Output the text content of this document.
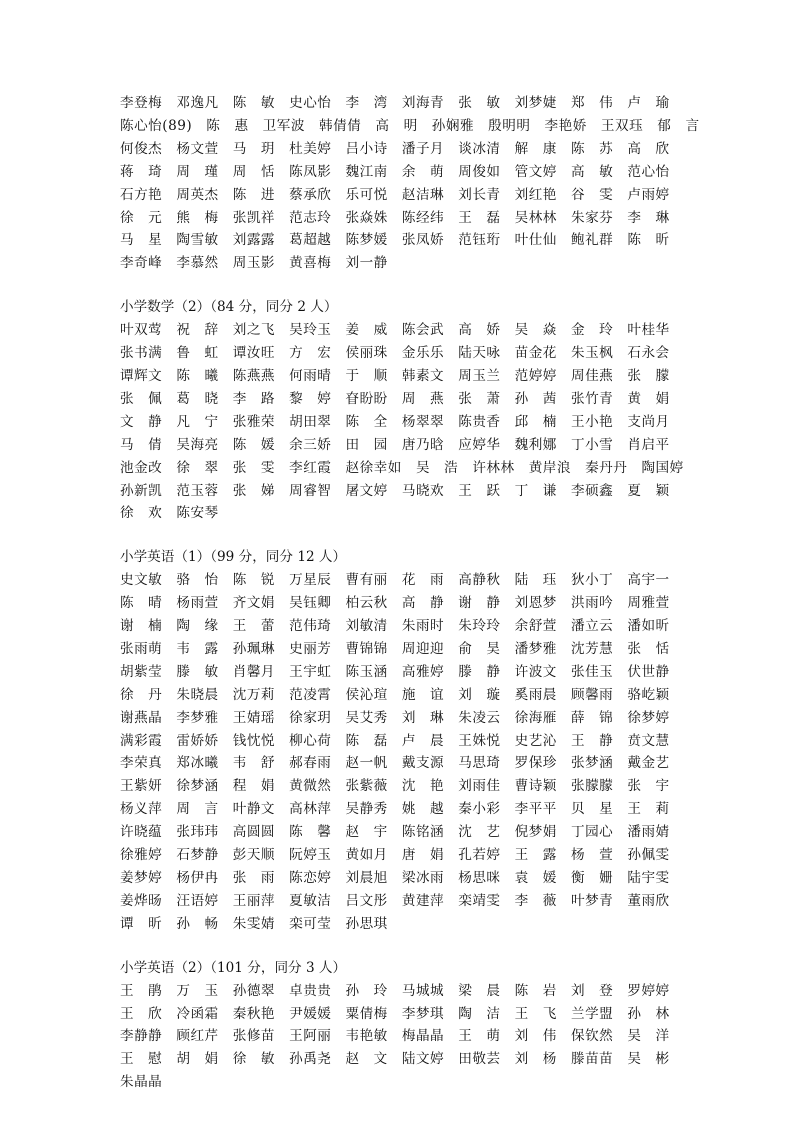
李登梅　邓逸凡　陈　敏　史心怡　李　湾　刘海青　张　敏　刘梦婕　郑　伟　卢　瑜
陈心怡(89)　陈　惠　卫军波　韩倩倩　高　明　孙娴雅　殷明明　李艳娇　王双珏　郁　言
何俊杰　杨文萱　马　玥　杜美婷　吕小诗　潘子月　谈冰清　解　康　陈　苏　高　欣
蒋　琦　周　瑾　周　恬　陈凤影　魏江南　余　萌　周俊如　管文婷　高　敏　范心怡
石方艳　周英杰　陈　进　蔡承欣　乐可悦　赵洁琳　刘长青　刘红艳　谷　雯　卢雨婷
徐　元　熊　梅　张凯祥　范志玲　张焱姝　陈经纬　王　磊　吴林林　朱家芬　李　琳
马　星　陶雪敏　刘露露　葛超越　陈梦媛　张凤娇　范钰珩　叶仕仙　鲍礼群　陈　昕
李奇峰　李慕然　周玉影　黄喜梅　刘一静
小学数学（2）（84 分，同分 2 人）
叶双莺　祝　辞　刘之飞　吴玲玉　姜　威　陈会武　高　娇　吴　焱　金　玲　叶桂华
张书满　鲁　虹　谭汝旺　方　宏　侯丽珠　金乐乐　陆天咏　苗金花　朱玉枫　石永会
谭辉文　陈　曦　陈燕燕　何雨晴　于　顺　韩素文　周玉兰　范婷婷　周佳燕　张　朦
张　佩　葛　晓　李　路　黎　婷　眘盼盼　周　燕　张　萧　孙　茜　张竹青　黄　娟
文　静　凡　宁　张雅荣　胡田翠　陈　全　杨翠翠　陈贵香　邱　楠　王小艳　支尚月
马　倩　吴海亮　陈　媛　余三娇　田　园　唐乃晗　应婷华　魏利娜　丁小雪　肖启平
池金改　徐　翠　张　雯　李红霞　赵徐幸如　吴　浩　许林林　黄岸浪　秦丹丹　陶国婷
孙新凯　范玉蓉　张　娣　周睿智　屠文婷　马晓欢　王　跃　丁　谦　李硕鑫　夏　颖
徐　欢　陈安琴
小学英语（1）（99 分，同分 12 人）
史文敏　骆　怡　陈　锐　万星辰　曹有丽　花　雨　高静秋　陆　珏　狄小丁　高宇一
陈　晴　杨雨萱　齐文娟　吴钰卿　柏云秋　高　静　谢　静　刘恩梦　洪雨吟　周雅萱
谢　楠　陶　缘　王　蕾　范伟琦　刘敏清　朱雨时　朱玲玲　余舒萱　潘立云　潘如昕
张雨萌　韦　露　孙珮琳　史丽芳　曹锦锦　周迎迎　俞　昊　潘梦雅　沈芳慧　张　恬
胡紫莹　滕　敏　肖馨月　王宇虹　陈玉涵　高雅婷　滕　静　许波文　张佳玉　伏世静
徐　丹　朱晓晨　沈万莉　范凌霄　侯沁瑄　施　谊　刘　璇　奚雨晨　顾馨雨　骆屹颖
谢燕晶　李梦雅　王婧瑶　徐家玥　吴艾秀　刘　琳　朱凌云　徐海雁　薛　锦　徐梦婷
满彩霞　雷娇娇　钱忱悦　柳心荷　陈　磊　卢　晨　王姝悦　史艺沁　王　静　贲文慧
李荣真　郑冰曦　韦　舒　郝春雨　赵一帆　戴支源　马思琦　罗保珍　张梦涵　戴金艺
王紫妍　徐梦涵　程　娟　黄微然　张紫薇　沈　艳　刘雨佳　曹诗颖　张朦朦　张　宇
杨义萍　周　言　叶静文　高林萍　吴静秀　姚　越　秦小彩　李平平　贝　星　王　莉
许晓蕴　张玮玮　高圆圆　陈　馨　赵　宇　陈铭涵　沈　艺　倪梦娟　丁园心　潘雨婧
徐雅婷　石梦静　彭天顺　阮婷玉　黄如月　唐　娟　孔若婷　王　露　杨　萱　孙佩雯
姜梦婷　杨伊冉　张　雨　陈恋婷　刘晨旭　梁冰雨　杨思咪　袁　媛　衡　姗　陆宇雯
姜烨旸　汪语婷　王丽萍　夏敏洁　吕文彤　黄建萍　栾靖雯　李　薇　叶梦青　董雨欣
谭　昕　孙　畅　朱雯婧　栾可莹　孙思琪
小学英语（2）（101 分，同分 3 人）
王　鹃　万　玉　孙德翠　卓贵贵　孙　玲　马城城　梁　晨　陈　岩　刘　登　罗婷婷
王　欣　冷函霜　秦秋艳　尹媛媛　粟倩梅　李梦琪　陶　洁　王　飞　兰学盟　孙　林
李静静　顾红芹　张修苗　王阿丽　韦艳敏　梅晶晶　王　萌　刘　伟　保钦然　吴　洋
王　慰　胡　娟　徐　敏　孙禹尧　赵　文　陆文婷　田敬芸　刘　杨　滕苗苗　吴　彬
朱晶晶
